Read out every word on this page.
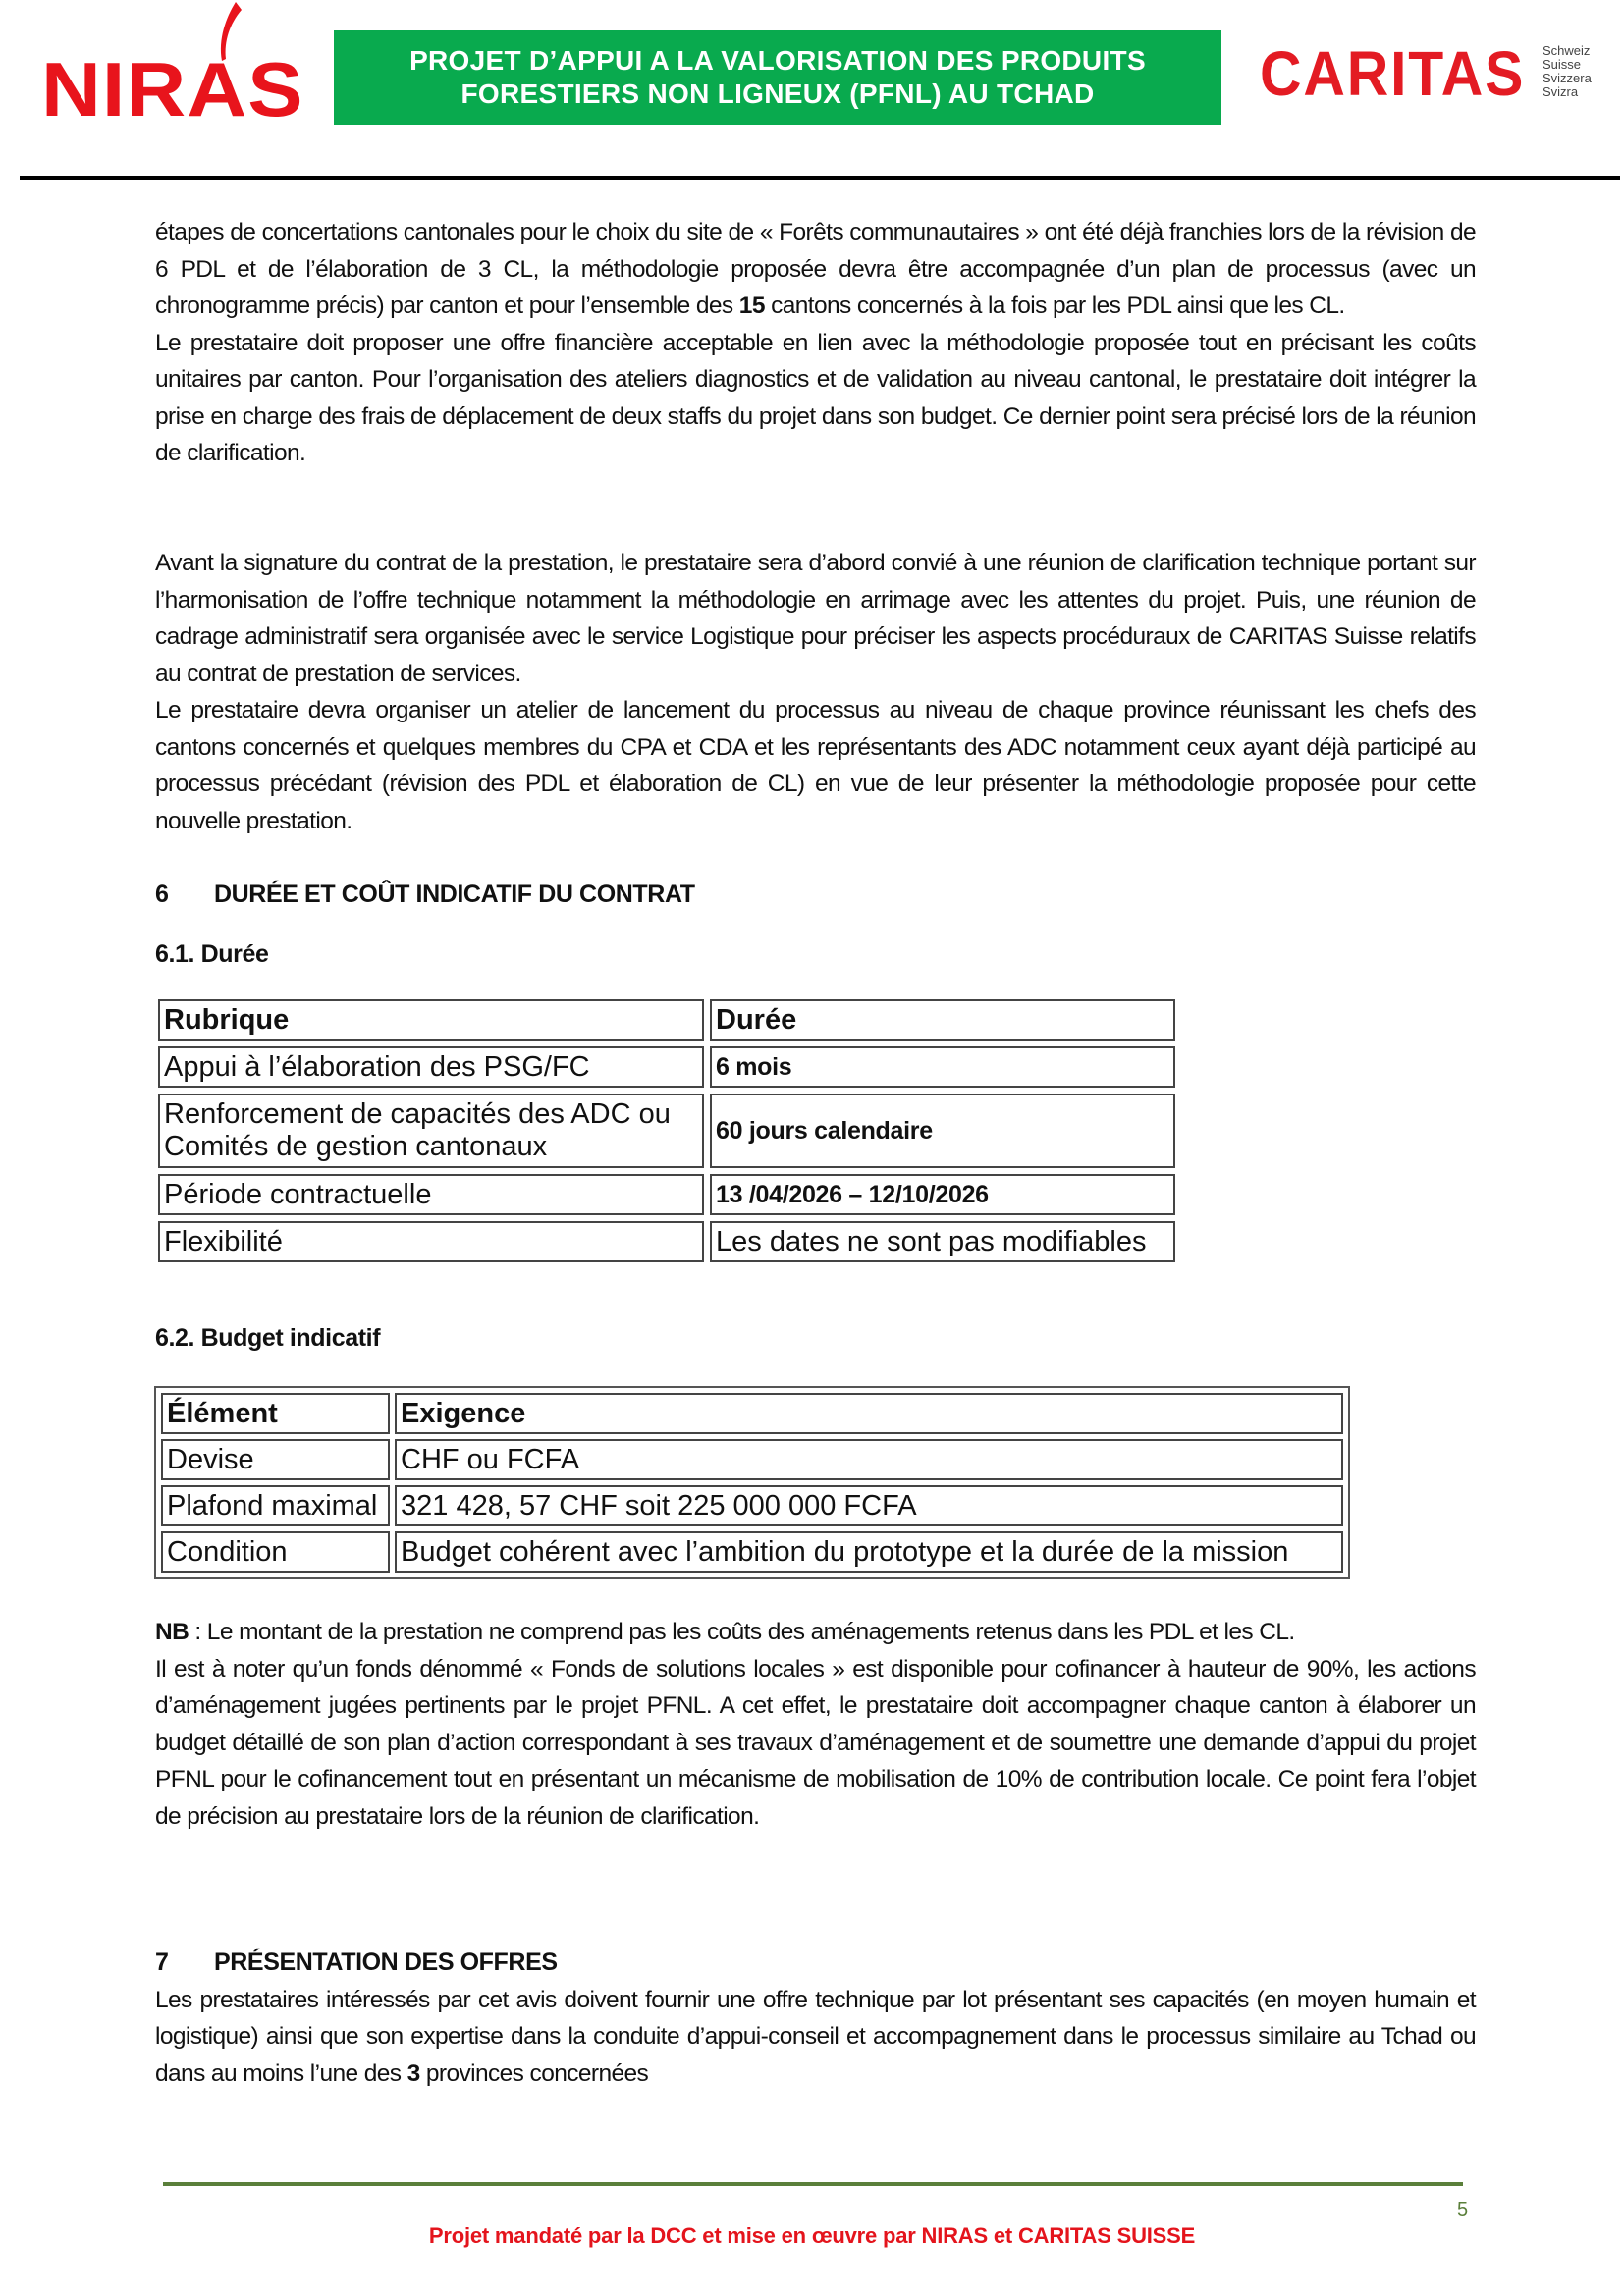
NIRAS	PROJET D’APPUI A LA VALORISATION DES PRODUITS
FORESTIERS NON LIGNEUX (PFNL) AU TCHAD	CARITAS Schweiz
Suisse
Svizzera
Svizra

étapes de concertations cantonales pour le choix du site de « Forêts communautaires » ont été déjà franchies lors de la révision de 6 PDL et de l’élaboration de 3 CL, la méthodologie proposée devra être accompagnée d’un plan de processus (avec un chronogramme précis) par canton et pour l’ensemble des 15 cantons concernés à la fois par les PDL ainsi que les CL.

Le prestataire doit proposer une offre financière acceptable en lien avec la méthodologie proposée tout en précisant les coûts unitaires par canton. Pour l’organisation des ateliers diagnostics et de validation au niveau cantonal, le prestataire doit intégrer la prise en charge des frais de déplacement de deux staffs du projet dans son budget. Ce dernier point sera précisé lors de la réunion de clarification.

Avant la signature du contrat de la prestation, le prestataire sera d’abord convié à une réunion de clarification technique portant sur l’harmonisation de l’offre technique notamment la méthodologie en arrimage avec les attentes du projet. Puis, une réunion de cadrage administratif sera organisée avec le service Logistique pour préciser les aspects procéduraux de CARITAS Suisse relatifs au contrat de prestation de services.

Le prestataire devra organiser un atelier de lancement du processus au niveau de chaque province réunissant les chefs des cantons concernés et quelques membres du CPA et CDA et les représentants des ADC notamment ceux ayant déjà participé au processus précédant (révision des PDL et élaboration de CL) en vue de leur présenter la méthodologie proposée pour cette nouvelle prestation.

6	DURÉE ET COÛT INDICATIF DU CONTRAT
6.1. Durée
Rubrique	Durée
Appui à l’élaboration des PSG/FC	6 mois
Renforcement de capacités des ADC ou Comités de gestion cantonaux	60 jours calendaire
Période contractuelle	13 /04/2026 – 12/10/2026
Flexibilité	Les dates ne sont pas modifiables
6.2. Budget indicatif
Élément	Exigence
Devise	CHF ou FCFA
Plafond maximal	321 428, 57 CHF soit 225 000 000 FCFA
Condition	Budget cohérent avec l’ambition du prototype et la durée de la mission

NB : Le montant de la prestation ne comprend pas les coûts des aménagements retenus dans les PDL et les CL.

Il est à noter qu’un fonds dénommé « Fonds de solutions locales » est disponible pour cofinancer à hauteur de 90%, les actions d’aménagement jugées pertinents par le projet PFNL. A cet effet, le prestataire doit accompagner chaque canton à élaborer un budget détaillé de son plan d’action correspondant à ses travaux d’aménagement et de soumettre une demande d’appui du projet PFNL pour le cofinancement tout en présentant un mécanisme de mobilisation de 10% de contribution locale. Ce point fera l’objet de précision au prestataire lors de la réunion de clarification.

7	PRÉSENTATION DES OFFRES

Les prestataires intéressés par cet avis doivent fournir une offre technique par lot présentant ses capacités (en moyen humain et logistique) ainsi que son expertise dans la conduite d’appui-conseil et accompagnement dans le processus similaire au Tchad ou dans au moins l’une des 3 provinces concernées

5
Projet mandaté par la DCC et mise en œuvre par NIRAS et CARITAS SUISSE
